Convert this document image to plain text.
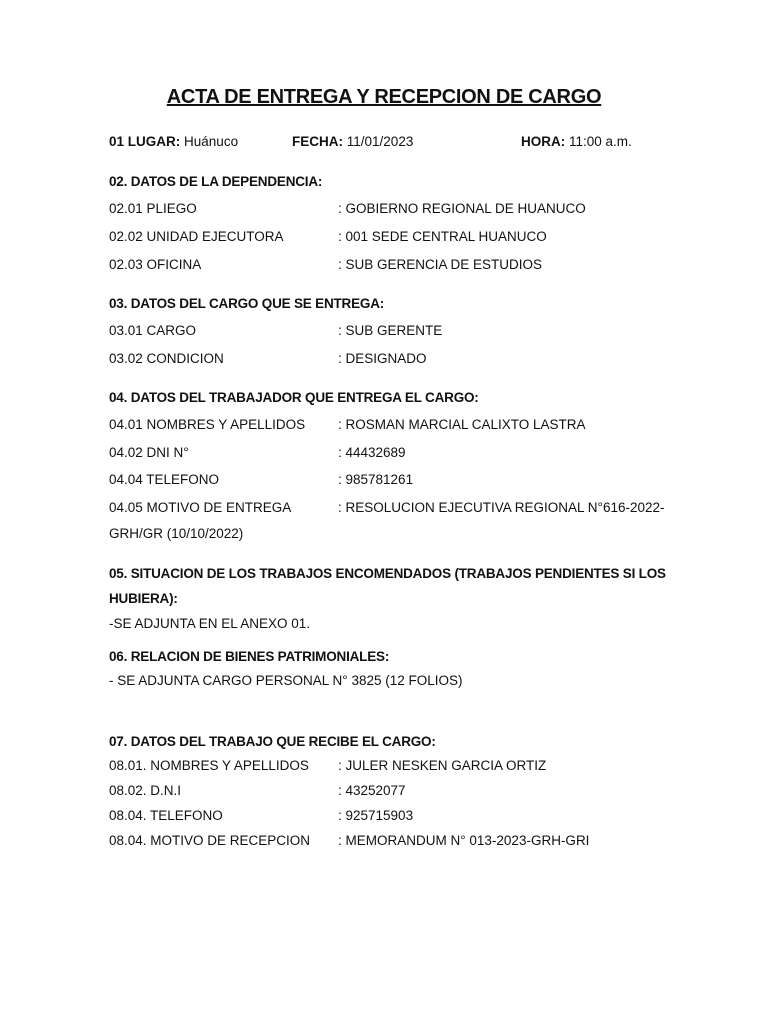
ACTA DE ENTREGA Y RECEPCION DE CARGO
01 LUGAR: Huánuco	FECHA: 11/01/2023	HORA: 11:00 a.m.
02. DATOS DE LA DEPENDENCIA:
02.01 PLIEGO	: GOBIERNO REGIONAL DE HUANUCO
02.02 UNIDAD EJECUTORA	: 001 SEDE CENTRAL HUANUCO
02.03 OFICINA	: SUB GERENCIA DE ESTUDIOS
03. DATOS DEL CARGO QUE SE ENTREGA:
03.01 CARGO	: SUB GERENTE
03.02 CONDICION	: DESIGNADO
04. DATOS DEL TRABAJADOR QUE ENTREGA EL CARGO:
04.01 NOMBRES Y APELLIDOS : ROSMAN MARCIAL CALIXTO LASTRA
04.02 DNI N°	: 44432689
04.04 TELEFONO	: 985781261
04.05 MOTIVO DE ENTREGA	: RESOLUCION EJECUTIVA REGIONAL N°616-2022-
GRH/GR (10/10/2022)
05. SITUACION DE LOS TRABAJOS ENCOMENDADOS (TRABAJOS PENDIENTES SI LOS
HUBIERA):
-SE ADJUNTA EN EL ANEXO 01.
06. RELACION DE BIENES PATRIMONIALES:
- SE ADJUNTA CARGO PERSONAL N° 3825 (12 FOLIOS)
07. DATOS DEL TRABAJO QUE RECIBE EL CARGO:
08.01. NOMBRES Y APELLIDOS : JULER NESKEN GARCIA ORTIZ
08.02. D.N.I	: 43252077
08.04. TELEFONO	: 925715903
08.04. MOTIVO DE RECEPCION : MEMORANDUM N° 013-2023-GRH-GRI
